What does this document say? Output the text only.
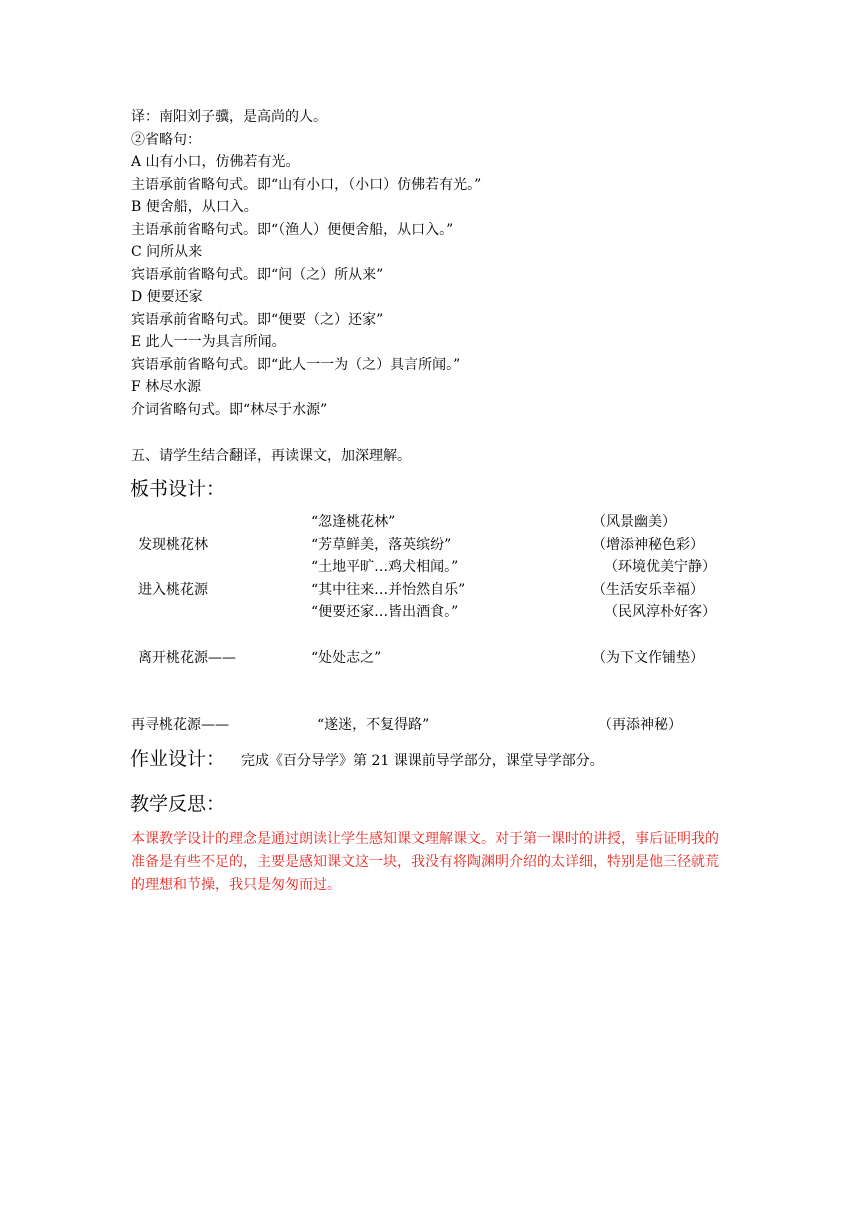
译：南阳刘子骥，是高尚的人。
②省略句：
A 山有小口，仿佛若有光。
主语承前省略句式。即“山有小口，（小口）仿佛若有光。”
B 便舍船，从口入。
主语承前省略句式。即“（渔人）便便舍船，从口入。”
C 问所从来
宾语承前省略句式。即“问（之）所从来”
D 便要还家
宾语承前省略句式。即“便要（之）还家”
E 此人一一为具言所闻。
宾语承前省略句式。即“此人一一为（之）具言所闻。”
F 林尽水源
介词省略句式。即“林尽于水源”
五、请学生结合翻译，再读课文，加深理解。
板书设计：
“忽逢桃花林”	（风景幽美）
发现桃花林	“芳草鲜美，落英缤纷”	（增添神秘色彩）
“土地平旷…鸡犬相闻。”	（环境优美宁静）
进入桃花源	“其中往来…并怡然自乐”	（生活安乐幸福）
“便要还家…皆出酒食。”	（民风淳朴好客）
离开桃花源——	“处处志之”	（为下文作铺垫）
再寻桃花源——	“遂迷，不复得路”	（再添神秘）
作业设计： 完成《百分导学》第 21 课课前导学部分，课堂导学部分。
教学反思：

本课教学设计的理念是通过朗读让学生感知课文理解课文。对于第一课时的讲授，事后证明我的

准备是有些不足的，主要是感知课文这一块，我没有将陶渊明介绍的太详细，特别是他三径就荒

的理想和节操，我只是匆匆而过。
